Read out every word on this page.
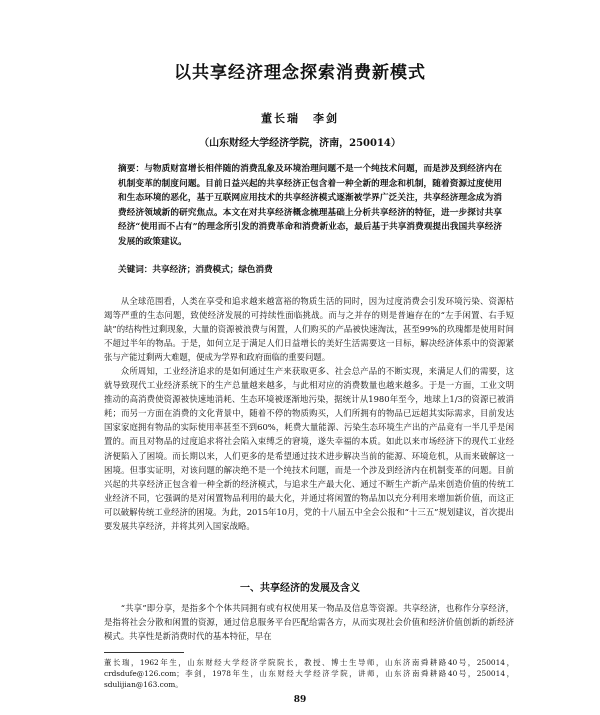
以共享经济理念探索消费新模式
董长瑞　李剑
（山东财经大学经济学院，济南，250014）
摘要：与物质财富增长相伴随的消费乱象及环境治理问题不是一个纯技术问题，而是涉及到经济内在机制变革的制度问题。目前日益兴起的共享经济正包含着一种全新的理念和机制，随着资源过度使用和生态环境的恶化，基于互联网应用技术的共享经济模式逐渐被学界广泛关注，共享经济理念成为消费经济领域新的研究焦点。本文在对共享经济概念梳理基础上分析共享经济的特征，进一步探讨共享经济“使用而不占有”的理念所引发的消费革命和消费新业态，最后基于共享消费观提出我国共享经济发展的政策建议。
关键词：共享经济；消费模式；绿色消费
从全球范围看，人类在享受和追求越来越富裕的物质生活的同时，因为过度消费会引发环境污染、资源枯竭等严重的生态问题，致使经济发展的可持续性面临挑战。而与之并存的则是普遍存在的“左手闲置、右手短缺”的结构性过剩现象，大量的资源被浪费与闲置，人们购买的产品被快速淘汰，甚至99%的玖瑰都是使用时间不超过半年的物品。于是，如何立足于满足人们日益增长的美好生活需要这一目标，解决经济体系中的资源紧张与产能过剩两大难题，便成为学界和政府面临的重要问题。
众所周知，工业经济追求的是如何通过生产来获取更多、社会总产品的不断实现，来满足人们的需要，这就导致现代工业经济系统下的生产总量越来越多，与此相对应的消费数量也越来越多。于是一方面，工业文明推动的高消费使资源被快速地消耗、生态环境被逐渐地污染，据统计从1980年至今，地球上1/3的资源已被消耗；而另一方面在消费的文化背景中，随着不停的物质购买，人们所拥有的物品已远超其实际需求，目前发达国家家庭拥有物品的实际使用率甚至不到60%，耗费大量能源、污染生态环境生产出的产品竟有一半几乎是闲置的。而且对物品的过度追求将社会陷入束缚乏的窘境，遂失幸福的本质。如此以来市场经济下的现代工业经济便陷入了困境。而长期以来，人们更多的是希望通过技术进步解决当前的能源、环境危机，从而来破解这一困境。但事实证明，对该问题的解决绝不是一个纯技术问题，而是一个涉及到经济内在机制变革的问题。目前兴起的共享经济正包含着一种全新的经济模式，与追求生产最大化、通过不断生产新产品来创造价值的传统工业经济不同，它强调的是对闲置物品利用的最大化，并通过将闲置的物品加以充分利用来增加新价值，而这正可以破解传统工业经济的困境。为此，2015年10月，党的十八届五中全会公报和“十三五”规划建议，首次提出要发展共享经济，并将其列入国家战略。
一、共享经济的发展及含义
“共享”即分享，是指多个个体共同拥有或有权使用某一物品及信息等资源。共享经济，也称作分享经济，是指将社会分散和闲置的资源，通过信息服务平台匹配给需各方，从而实现社会价值和经济价值创新的新经济模式。共享性是新消费时代的基本特征，早在
董长瑞，1962年生，山东财经大学经济学院院长，教授、博士生导师，山东济南舜耕路40号，250014，crdsdufe@126.com；李剑，1978年生，山东财经大学经济学院，讲师，山东济南舜耕路40号，250014，sdulijian@163.com。
89
